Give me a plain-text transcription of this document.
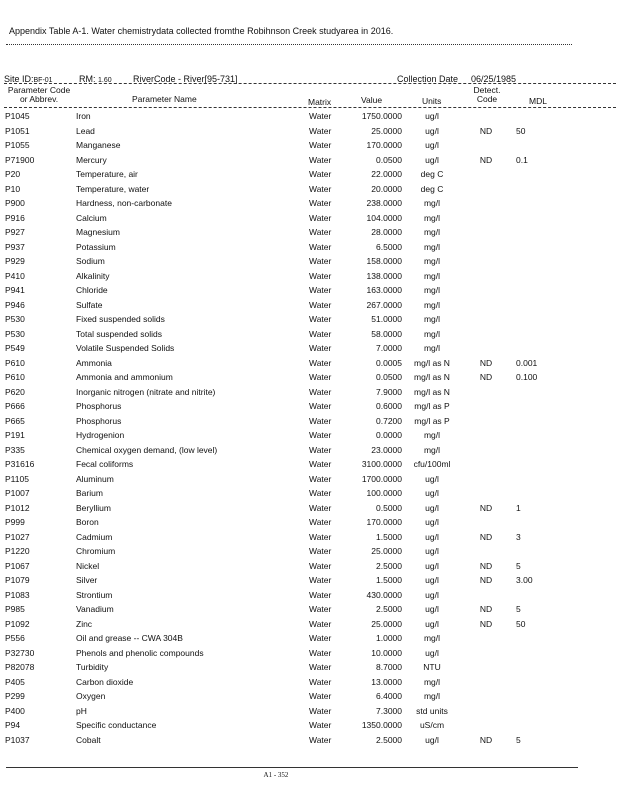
Appendix Table A-1. Water chemistrydata collected fromthe Robihnson Creek studyarea in 2016.
Site ID:BF-01	RM: 1.60 RiverCode - River[95-731]	Collection Date 06/25/1985
Parameter Code
or Abbrev.	Parameter Name	Matrix	Value	Units
Detect.
Code	MDL
P1045	Iron	Water	1750.0000	ug/l
P1051	Lead	Water	25.0000	ug/l	ND	50
P1055	Manganese	Water	170.0000	ug/l
P71900	Mercury	Water	0.0500	ug/l	ND	0.1
P20	Temperature, air	Water	22.0000	deg C
P10	Temperature, water	Water	20.0000	deg C
P900	Hardness, non-carbonate	Water	238.0000	mg/l
P916	Calcium	Water	104.0000	mg/l
P927	Magnesium	Water	28.0000	mg/l
P937	Potassium	Water	6.5000	mg/l
P929	Sodium	Water	158.0000	mg/l
P410	Alkalinity	Water	138.0000	mg/l
P941	Chloride	Water	163.0000	mg/l
P946	Sulfate	Water	267.0000	mg/l
P530	Fixed suspended solids	Water	51.0000	mg/l
P530	Total suspended solids	Water	58.0000	mg/l
P549	Volatile Suspended Solids	Water	7.0000	mg/l
P610	Ammonia	Water	0.0005	mg/l as N	ND	0.001
P610	Ammonia and ammonium	Water	0.0500	mg/l as N	ND	0.100
P620	Inorganic nitrogen (nitrate and nitrite)	Water	7.9000	mg/l as N
P666	Phosphorus	Water	0.6000	mg/l as P
P665	Phosphorus	Water	0.7200	mg/l as P
P191	Hydrogenion	Water	0.0000	mg/l
P335	Chemical oxygen demand, (low level)	Water	23.0000	mg/l
P31616	Fecal coliforms	Water	3100.0000	cfu/100ml
P1105	Aluminum	Water	1700.0000	ug/l
P1007	Barium	Water	100.0000	ug/l
P1012	Beryllium	Water	0.5000	ug/l	ND	1
P999	Boron	Water	170.0000	ug/l
P1027	Cadmium	Water	1.5000	ug/l	ND	3
P1220	Chromium	Water	25.0000	ug/l
P1067	Nickel	Water	2.5000	ug/l	ND	5
P1079	Silver	Water	1.5000	ug/l	ND	3.00
P1083	Strontium	Water	430.0000	ug/l
P985	Vanadium	Water	2.5000	ug/l	ND	5
P1092	Zinc	Water	25.0000	ug/l	ND	50
P556	Oil and grease -- CWA 304B	Water	1.0000	mg/l
P32730	Phenols and phenolic compounds	Water	10.0000	ug/l
P82078	Turbidity	Water	8.7000	NTU
P405	Carbon dioxide	Water	13.0000	mg/l
P299	Oxygen	Water	6.4000	mg/l
P400	pH	Water	7.3000	std units
P94	Specific conductance	Water	1350.0000	uS/cm
P1037	Cobalt	Water	2.5000	ug/l	ND	5
A1 - 352
